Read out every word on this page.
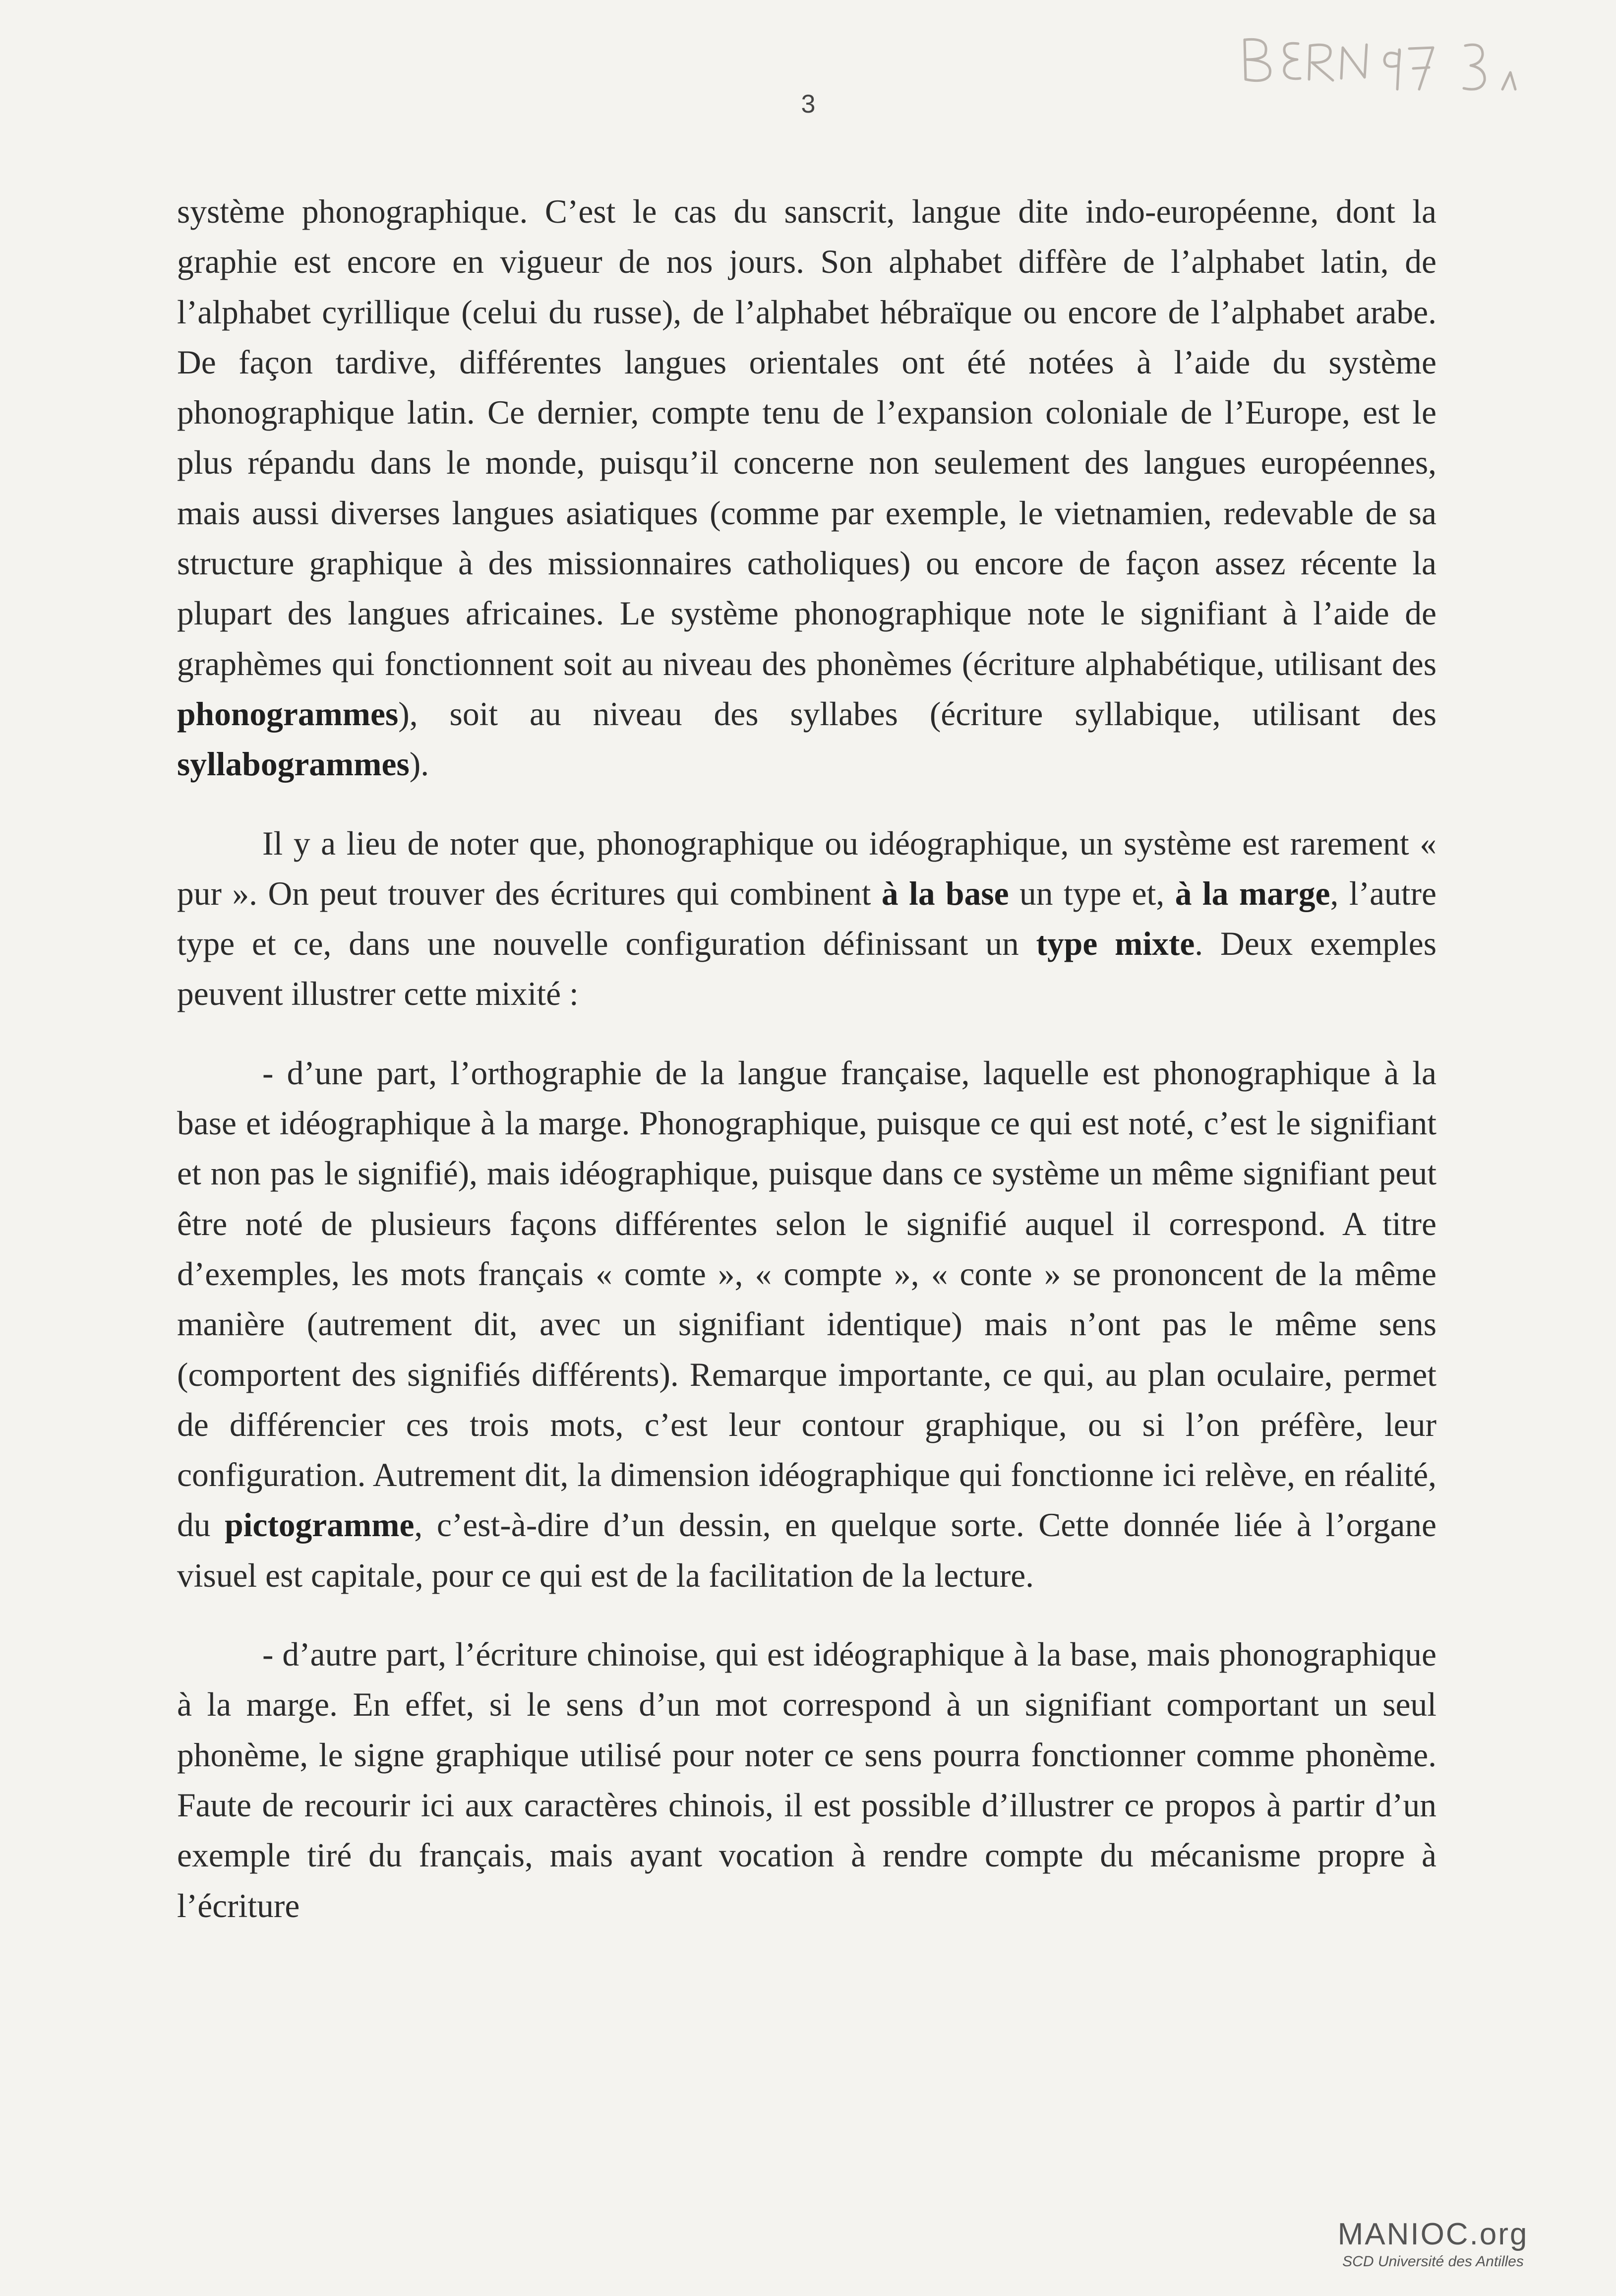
3

système phonographique. C’est le cas du sanscrit, langue dite indo-européenne, dont la graphie est encore en vigueur de nos jours. Son alphabet diffère de l’alphabet latin, de l’alphabet cyrillique (celui du russe), de l’alphabet hébraïque ou encore de l’alphabet arabe. De façon tardive, différentes langues orientales ont été notées à l’aide du système phonographique latin. Ce dernier, compte tenu de l’expansion coloniale de l’Europe, est le plus répandu dans le monde, puisqu’il concerne non seulement des langues européennes, mais aussi diverses langues asiatiques (comme par exemple, le vietnamien, redevable de sa structure graphique à des missionnaires catholiques) ou encore de façon assez récente la plupart des langues africaines. Le système phonographique note le signifiant à l’aide de graphèmes qui fonctionnent soit au niveau des phonèmes (écriture alphabétique, utilisant des phonogrammes), soit au niveau des syllabes (écriture syllabique, utilisant des syllabogrammes).

Il y a lieu de noter que, phonographique ou idéographique, un système est rarement « pur ». On peut trouver des écritures qui combinent à la base un type et, à la marge, l’autre type et ce, dans une nouvelle configuration définissant un type mixte. Deux exemples peuvent illustrer cette mixité :

- d’une part, l’orthographie de la langue française, laquelle est phonographique à la base et idéographique à la marge. Phonographique, puisque ce qui est noté, c’est le signifiant et non pas le signifié), mais idéographique, puisque dans ce système un même signifiant peut être noté de plusieurs façons différentes selon le signifié auquel il correspond. A titre d’exemples, les mots français « comte », « compte », « conte » se prononcent de la même manière (autrement dit, avec un signifiant identique) mais n’ont pas le même sens (comportent des signifiés différents). Remarque importante, ce qui, au plan oculaire, permet de différencier ces trois mots, c’est leur contour graphique, ou si l’on préfère, leur configuration. Autrement dit, la dimension idéographique qui fonctionne ici relève, en réalité, du pictogramme, c’est-à-dire d’un dessin, en quelque sorte. Cette donnée liée à l’organe visuel est capitale, pour ce qui est de la facilitation de la lecture.

- d’autre part, l’écriture chinoise, qui est idéographique à la base, mais phonographique à la marge. En effet, si le sens d’un mot correspond à un signifiant comportant un seul phonème, le signe graphique utilisé pour noter ce sens pourra fonctionner comme phonème. Faute de recourir ici aux caractères chinois, il est possible d’illustrer ce propos à partir d’un exemple tiré du français, mais ayant vocation à rendre compte du mécanisme propre à l’écriture

MANIOC.org
SCD Université des Antilles
